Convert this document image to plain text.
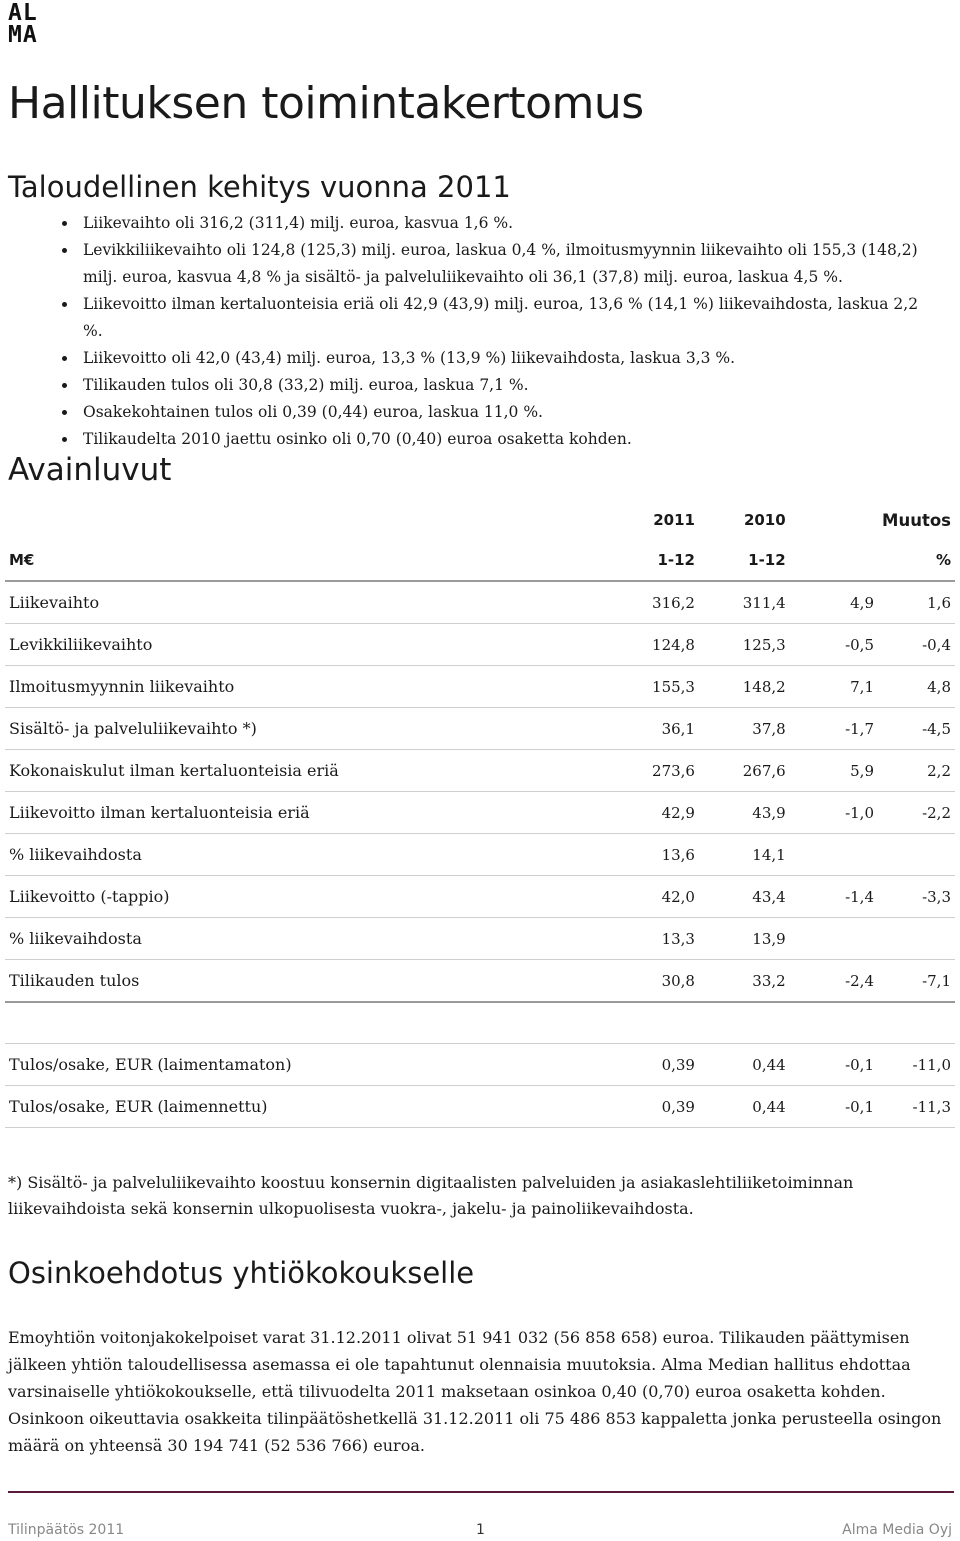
AL
MA
Hallituksen toimintakertomus
Taloudellinen kehitys vuonna 2011
Liikevaihto oli 316,2 (311,4) milj. euroa, kasvua 1,6 %.
Levikkiliikevaihto oli 124,8 (125,3) milj. euroa, laskua 0,4 %, ilmoitusmyynnin liikevaihto oli 155,3 (148,2) milj. euroa, kasvua 4,8 % ja sisältö- ja palveluliikevaihto oli 36,1 (37,8) milj. euroa, laskua 4,5 %.
Liikevoitto ilman kertaluonteisia eriä oli 42,9 (43,9) milj. euroa, 13,6 % (14,1 %) liikevaihdosta, laskua 2,2 %.
Liikevoitto oli 42,0 (43,4) milj. euroa, 13,3 % (13,9 %) liikevaihdosta, laskua 3,3 %.
Tilikauden tulos oli 30,8 (33,2) milj. euroa, laskua 7,1 %.
Osakekohtainen tulos oli 0,39 (0,44) euroa, laskua 11,0 %.
Tilikaudelta 2010 jaettu osinko oli 0,70 (0,40) euroa osaketta kohden.
Avainluvut
	2011	2010		Muutos
M€	1-12	1-12		%
Liikevaihto	316,2	311,4	4,9	1,6
Levikkiliikevaihto	124,8	125,3	-0,5	-0,4
Ilmoitusmyynnin liikevaihto	155,3	148,2	7,1	4,8
Sisältö- ja palveluliikevaihto *)	36,1	37,8	-1,7	-4,5
Kokonaiskulut ilman kertaluonteisia eriä	273,6	267,6	5,9	2,2
Liikevoitto ilman kertaluonteisia eriä	42,9	43,9	-1,0	-2,2
% liikevaihdosta	13,6	14,1		
Liikevoitto (-tappio)	42,0	43,4	-1,4	-3,3
% liikevaihdosta	13,3	13,9		
Tilikauden tulos	30,8	33,2	-2,4	-7,1

Tulos/osake, EUR (laimentamaton)	0,39	0,44	-0,1	-11,0
Tulos/osake, EUR (laimennettu)	0,39	0,44	-0,1	-11,3

*) Sisältö- ja palveluliikevaihto koostuu konsernin digitaalisten palveluiden ja asiakaslehtiliiketoiminnan liikevaihdoista sekä konsernin ulkopuolisesta vuokra-, jakelu- ja painoliikevaihdosta.

Osinkoehdotus yhtiökokoukselle

Emoyhtiön voitonjakokelpoiset varat 31.12.2011 olivat 51 941 032 (56 858 658) euroa. Tilikauden päättymisen jälkeen yhtiön taloudellisessa asemassa ei ole tapahtunut olennaisia muutoksia. Alma Median hallitus ehdottaa varsinaiselle yhtiökokoukselle, että tilivuodelta 2011 maksetaan osinkoa 0,40 (0,70) euroa osaketta kohden. Osinkoon oikeuttavia osakkeita tilinpäätöshetkellä 31.12.2011 oli 75 486 853 kappaletta jonka perusteella osingon määrä on yhteensä 30 194 741 (52 536 766) euroa.

Tilinpäätös 2011	1	Alma Media Oyj
